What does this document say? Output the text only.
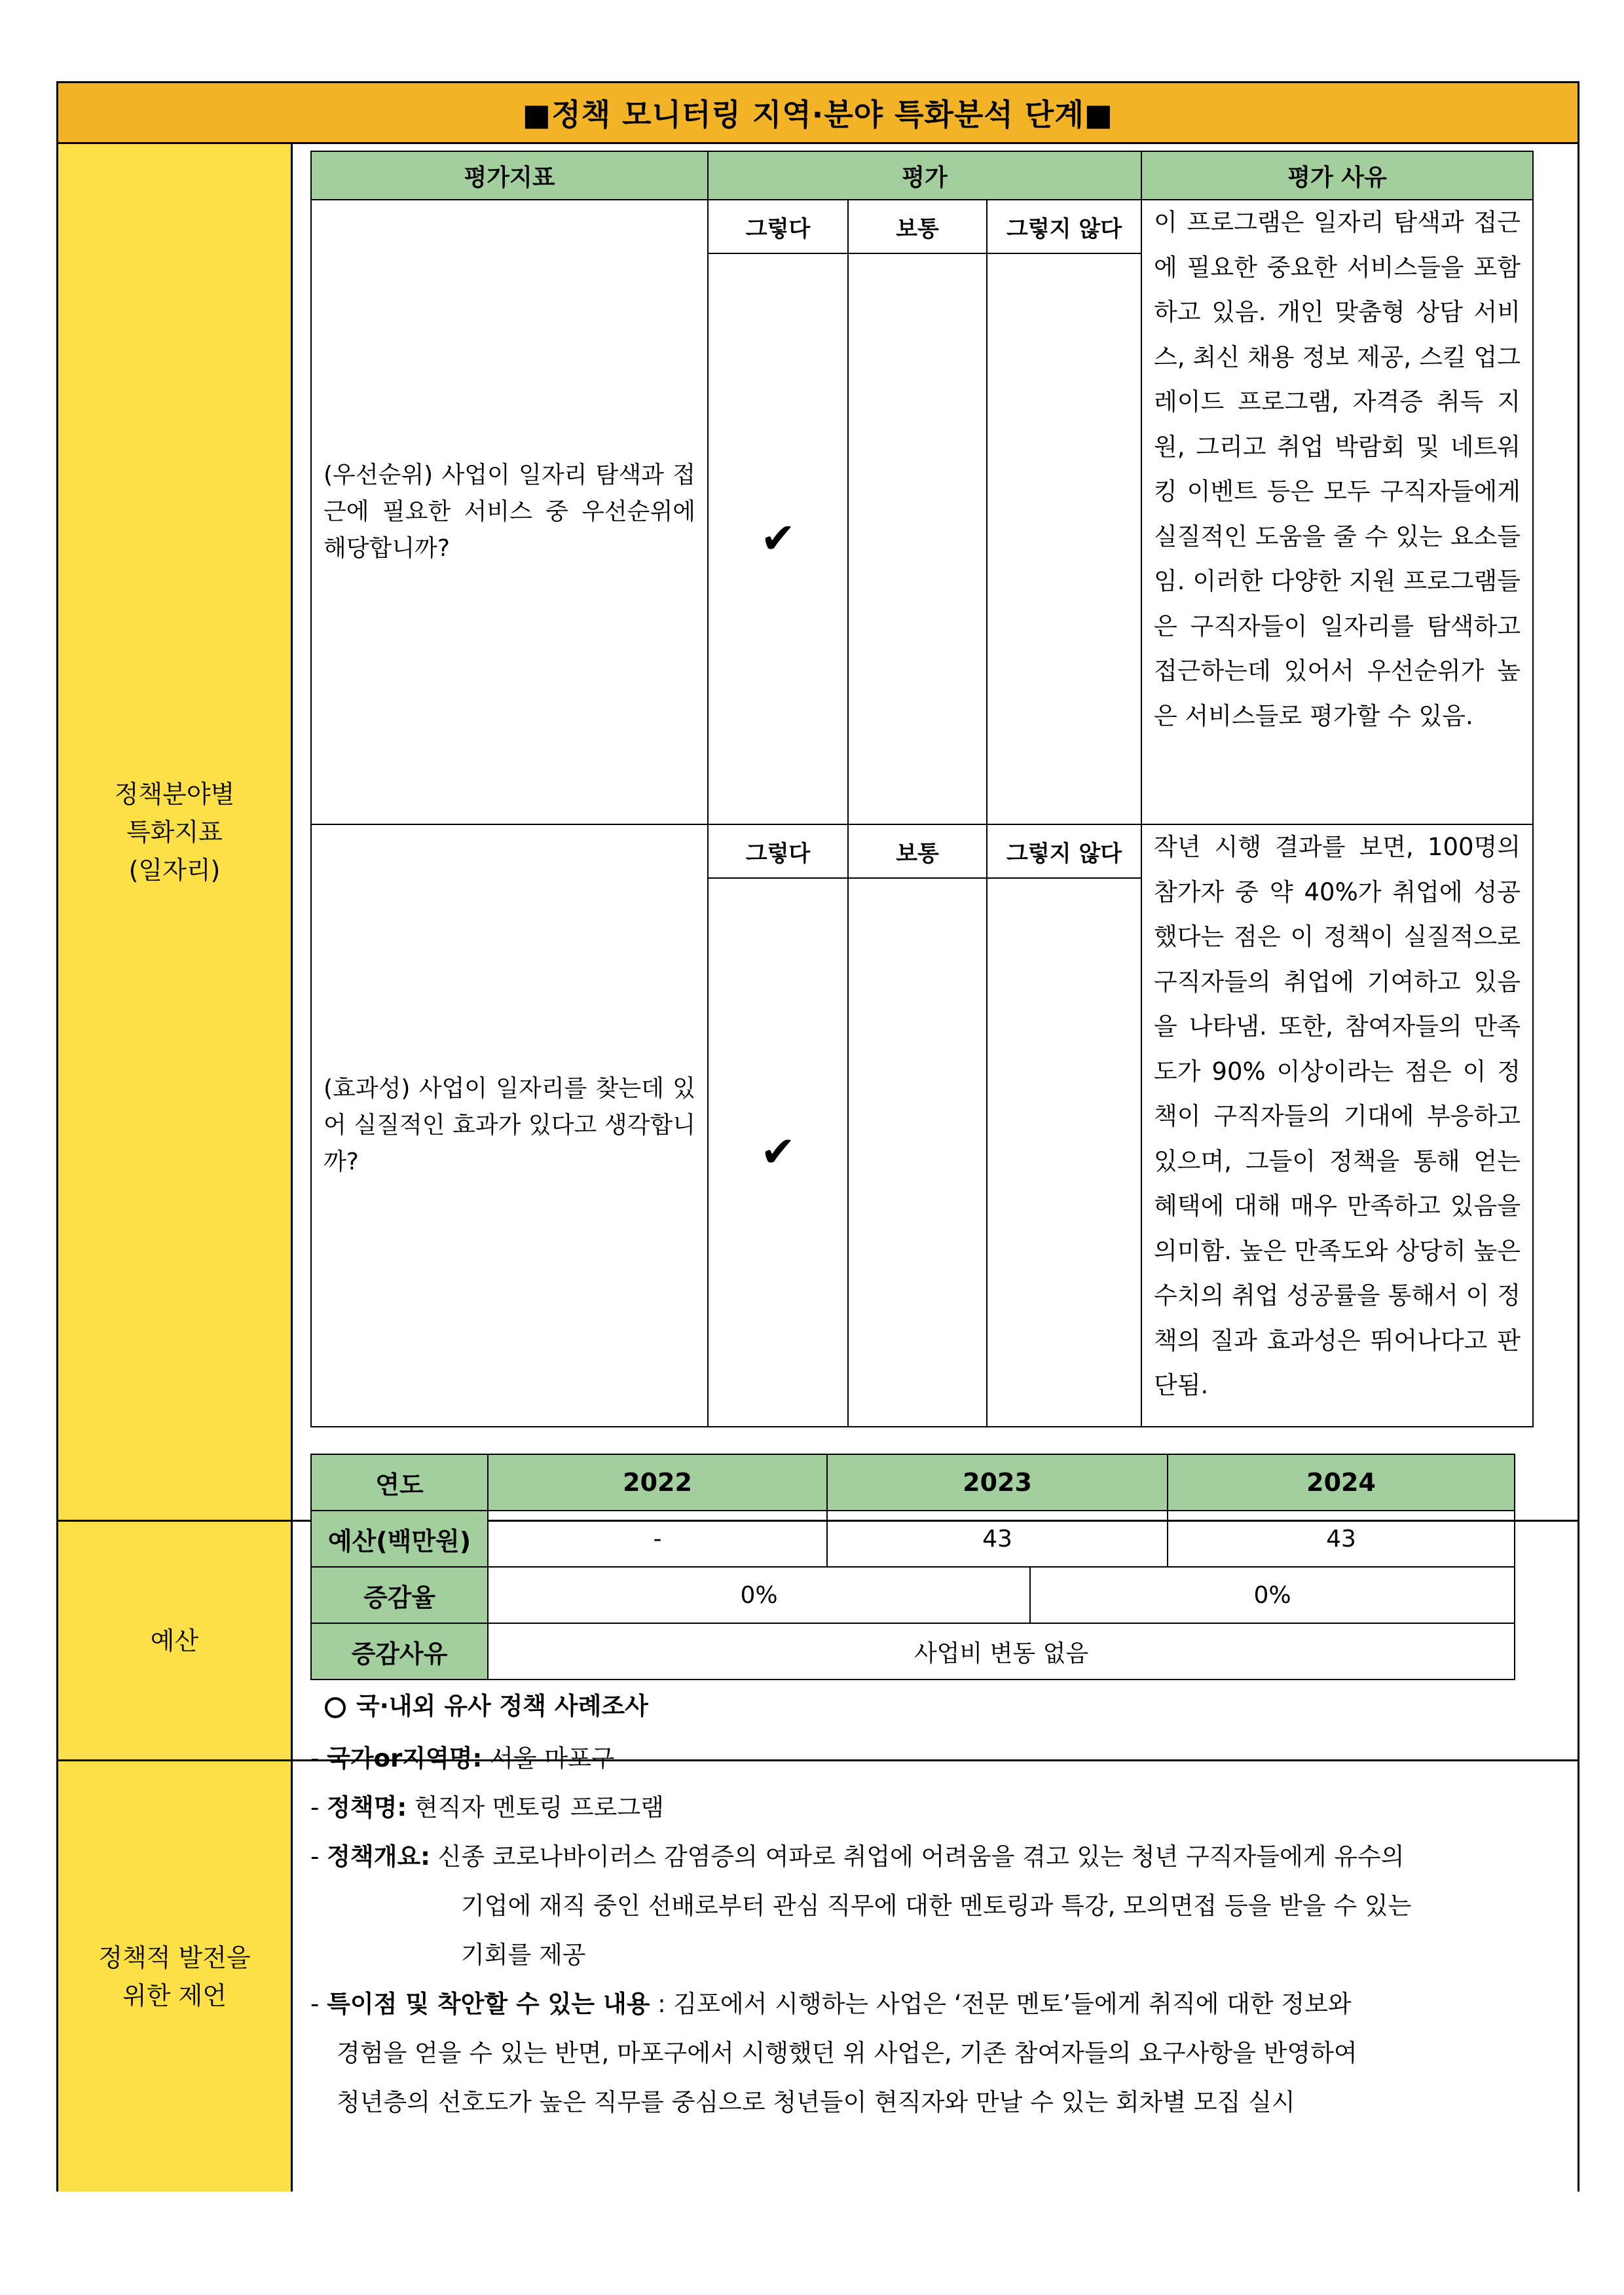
■정책 모니터링 지역·분야 특화분석 단계■
정책분야별
특화지표
(일자리)
예산
정책적 발전을
위한 제언
평가지표	평가			평가 사유
(우선순위) 사업이 일자리 탐색과 접근에 필요한 서비스 중 우선순위에 해당합니까?	그렇다	보통	그렇지 않다	이 프로그램은 일자리 탐색과 접근에 필요한 중요한 서비스들을 포함하고 있음. 개인 맞춤형 상담 서비스, 최신 채용 정보 제공, 스킬 업그레이드 프로그램, 자격증 취득 지원, 그리고 취업 박람회 및 네트워킹 이벤트 등은 모두 구직자들에게 실질적인 도움을 줄 수 있는 요소들임. 이러한 다양한 지원 프로그램들은 구직자들이 일자리를 탐색하고 접근하는데 있어서 우선순위가 높은 서비스들로 평가할 수 있음.
	✔			
(효과성) 사업이 일자리를 찾는데 있어 실질적인 효과가 있다고 생각합니까?	그렇다	보통	그렇지 않다	작년 시행 결과를 보면, 100명의 참가자 중 약 40%가 취업에 성공했다는 점은 이 정책이 실질적으로 구직자들의 취업에 기여하고 있음을 나타냄. 또한, 참여자들의 만족도가 90% 이상이라는 점은 이 정책이 구직자들의 기대에 부응하고 있으며, 그들이 정책을 통해 얻는 혜택에 대해 매우 만족하고 있음을 의미함. 높은 만족도와 상당히 높은 수치의 취업 성공률을 통해서 이 정책의 질과 효과성은 뛰어나다고 판단됨.
	✔			
연도	2022	2023		2024
예산(백만원)	-	43		43
증감율	0%		0%	
증감사유	사업비 변동 없음			
국·내외 유사 정책 사례조사
- 국가or지역명: 서울 마포구
- 정책명: 현직자 멘토링 프로그램
- 정책개요: 신종 코로나바이러스 감염증의 여파로 취업에 어려움을 겪고 있는 청년 구직자들에게 유수의
기업에 재직 중인 선배로부터 관심 직무에 대한 멘토링과 특강, 모의면접 등을 받을 수 있는
기회를 제공
- 특이점 및 착안할 수 있는 내용 : 김포에서 시행하는 사업은 ‘전문 멘토’들에게 취직에 대한 정보와
경험을 얻을 수 있는 반면, 마포구에서 시행했던 위 사업은, 기존 참여자들의 요구사항을 반영하여
청년층의 선호도가 높은 직무를 중심으로 청년들이 현직자와 만날 수 있는 회차별 모집 실시
